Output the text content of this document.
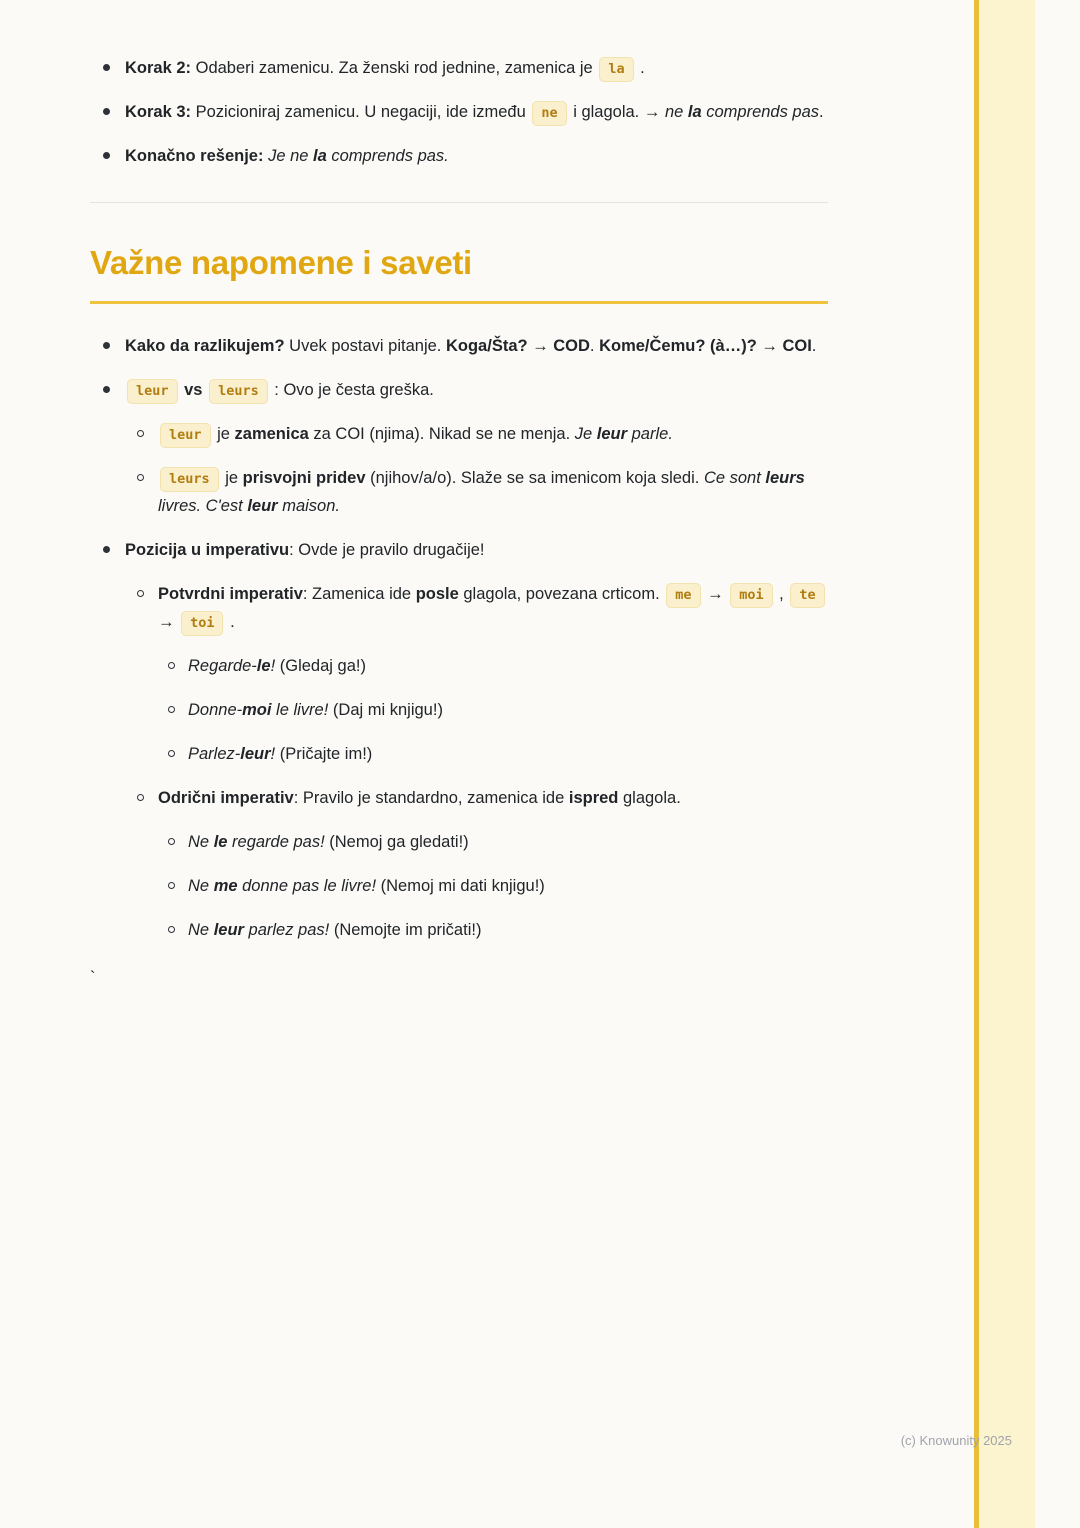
Korak 2: Odaberi zamenicu. Za ženski rod jednine, zamenica je la .
Korak 3: Pozicioniraj zamenicu. U negaciji, ide između ne i glagola. → ne la comprends pas.
Konačno rešenje: Je ne la comprends pas.
Važne napomene i saveti
Kako da razlikujem? Uvek postavi pitanje. Koga/Šta? → COD. Kome/Čemu? (à…)? → COI.
leur vs leurs : Ovo je česta greška.
leur je zamenica za COI (njima). Nikad se ne menja. Je leur parle.
leurs je prisvojni pridev (njihov/a/o). Slaže se sa imenicom koja sledi. Ce sont leurs livres. C'est leur maison.
Pozicija u imperativu: Ovde je pravilo drugačije!
Potvrdni imperativ: Zamenica ide posle glagola, povezana crticom. me → moi , te → toi .
Regarde-le! (Gledaj ga!)
Donne-moi le livre! (Daj mi knjigu!)
Parlez-leur! (Pričajte im!)
Odrični imperativ: Pravilo je standardno, zamenica ide ispred glagola.
Ne le regarde pas! (Nemoj ga gledati!)
Ne me donne pas le livre! (Nemoj mi dati knjigu!)
Ne leur parlez pas! (Nemojte im pričati!)
`
(c) Knowunity 2025
